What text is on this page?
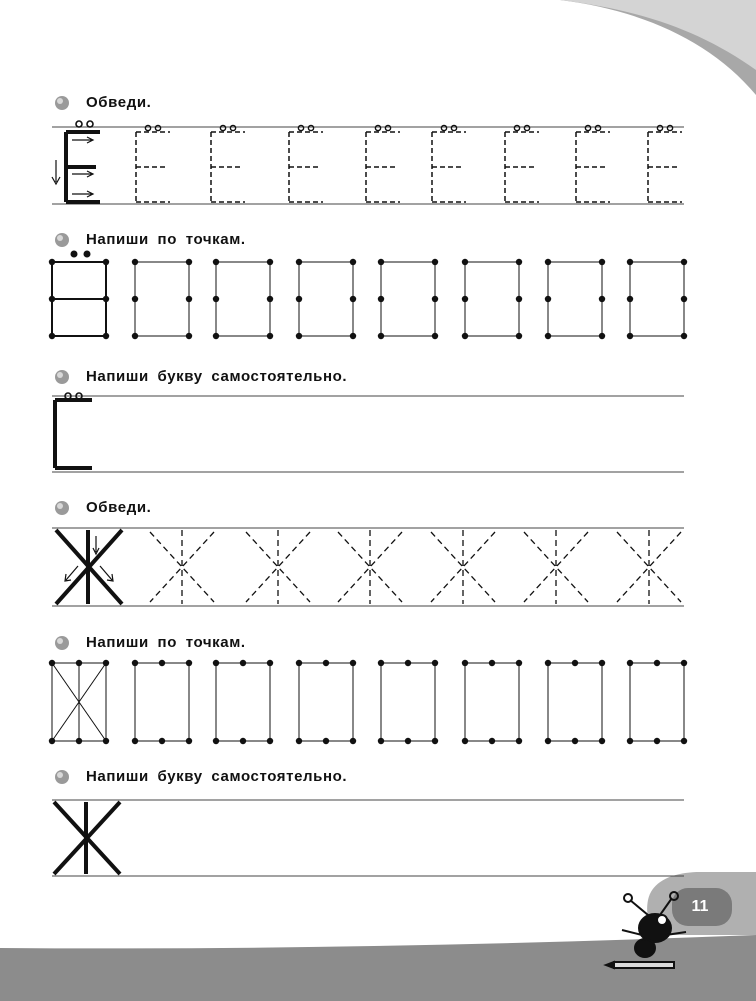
Обведи.
Напиши по точкам.
Напиши букву самостоятельно.
Обведи.
Напиши по точкам.
Напиши букву самостоятельно.
11
